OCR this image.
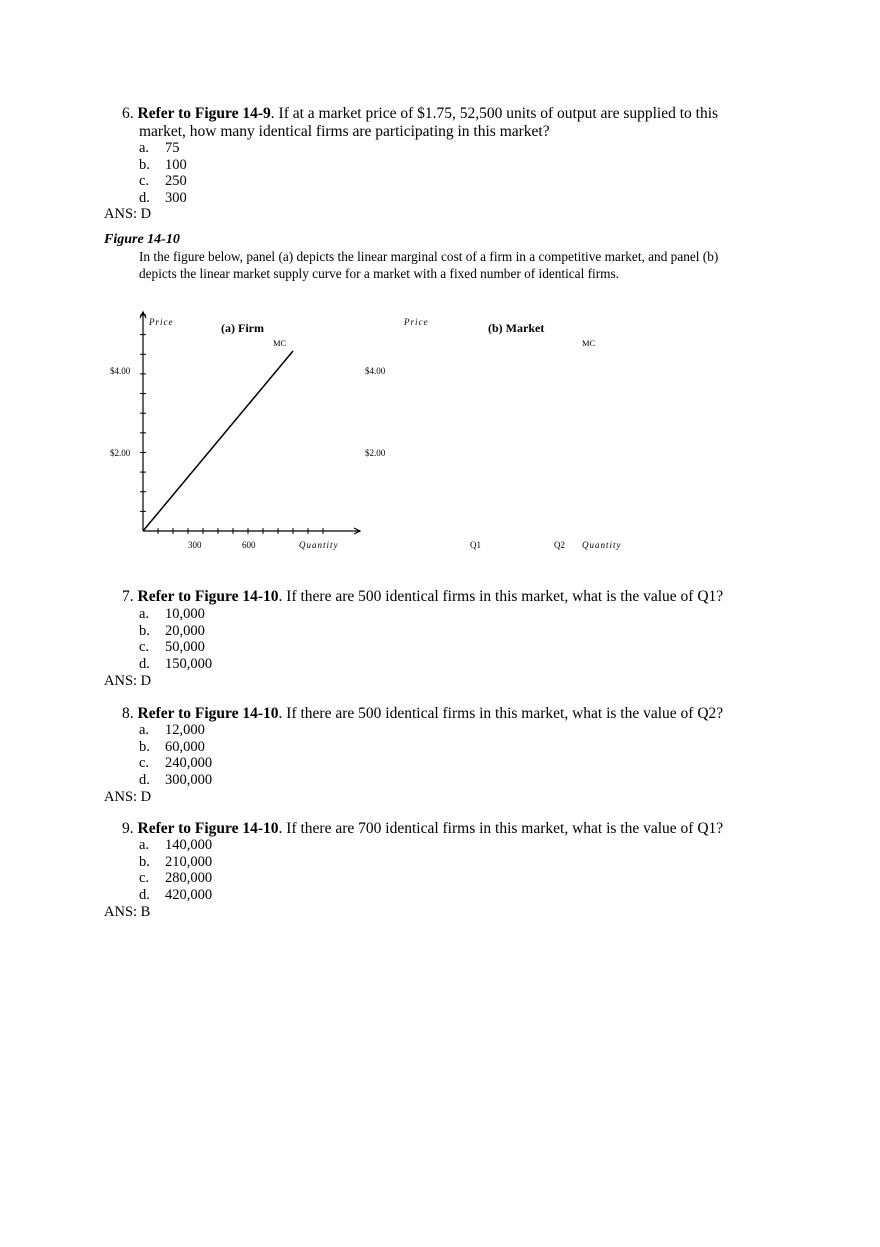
6. Refer to Figure 14-9. If at a market price of $1.75, 52,500 units of output are supplied to this
market, how many identical firms are participating in this market?
a. 75
b. 100
c. 250
d. 300
ANS: D
Figure 14-10
In the figure below, panel (a) depicts the linear marginal cost of a firm in a competitive market, and panel (b)
depicts the linear market supply curve for a market with a fixed number of identical firms.
Price	(a) Firm
MC
$4.00
$2.00
300	600	Quantity
Price	(b) Market
MC
$4.00
$2.00
Q1	Q2 Quantity
7. Refer to Figure 14-10. If there are 500 identical firms in this market, what is the value of Q1?
a. 10,000
b. 20,000
c. 50,000
d. 150,000
ANS: D
8. Refer to Figure 14-10. If there are 500 identical firms in this market, what is the value of Q2?
a. 12,000
b. 60,000
c. 240,000
d. 300,000
ANS: D
9. Refer to Figure 14-10. If there are 700 identical firms in this market, what is the value of Q1?
a. 140,000
b. 210,000
c. 280,000
d. 420,000
ANS: B
